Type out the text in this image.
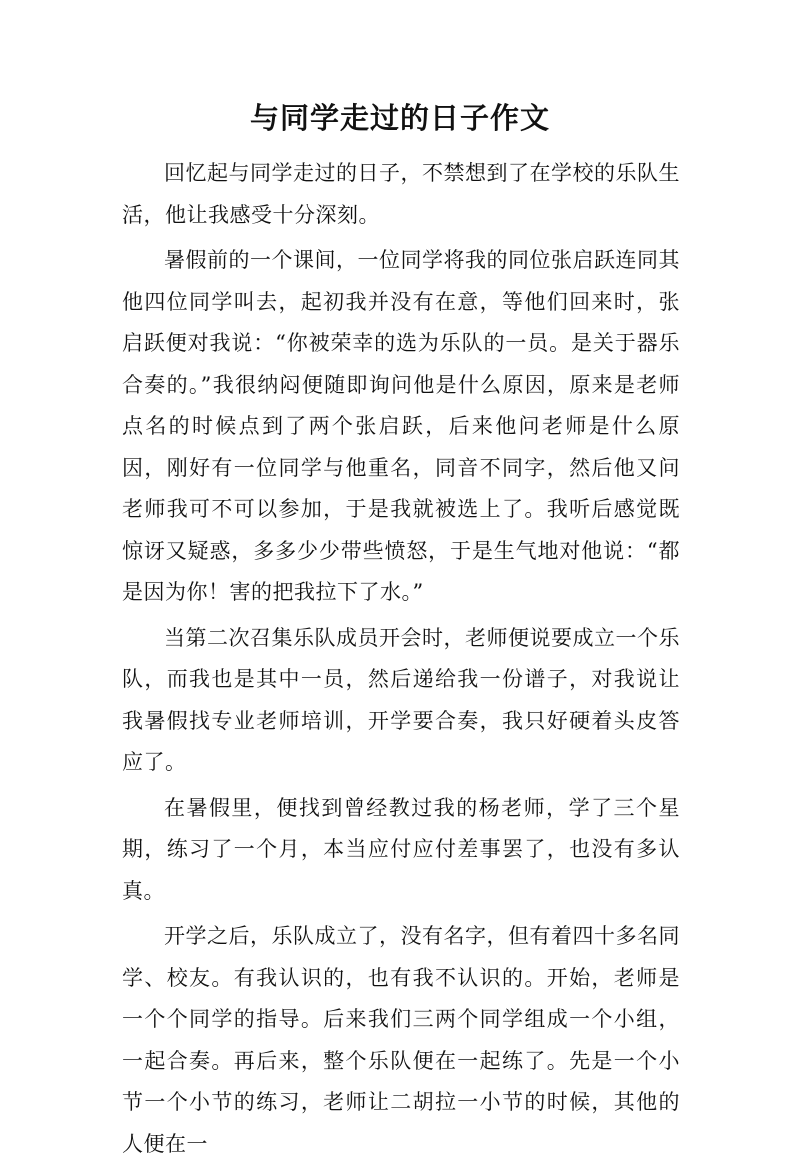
与同学走过的日子作文

回忆起与同学走过的日子，不禁想到了在学校的乐队生活，他让我感受十分深刻。

暑假前的一个课间，一位同学将我的同位张启跃连同其他四位同学叫去，起初我并没有在意，等他们回来时，张启跃便对我说：“你被荣幸的选为乐队的一员。是关于器乐合奏的。”我很纳闷便随即询问他是什么原因，原来是老师点名的时候点到了两个张启跃，后来他问老师是什么原因，刚好有一位同学与他重名，同音不同字，然后他又问老师我可不可以参加，于是我就被选上了。我听后感觉既惊讶又疑惑，多多少少带些愤怒，于是生气地对他说：“都是因为你！害的把我拉下了水。”

当第二次召集乐队成员开会时，老师便说要成立一个乐队，而我也是其中一员，然后递给我一份谱子，对我说让我暑假找专业老师培训，开学要合奏，我只好硬着头皮答应了。

在暑假里，便找到曾经教过我的杨老师，学了三个星期，练习了一个月，本当应付应付差事罢了，也没有多认真。

开学之后，乐队成立了，没有名字，但有着四十多名同学、校友。有我认识的，也有我不认识的。开始，老师是一个个同学的指导。后来我们三两个同学组成一个小组，一起合奏。再后来，整个乐队便在一起练了。先是一个小节一个小节的练习，老师让二胡拉一小节的时候，其他的人便在一
